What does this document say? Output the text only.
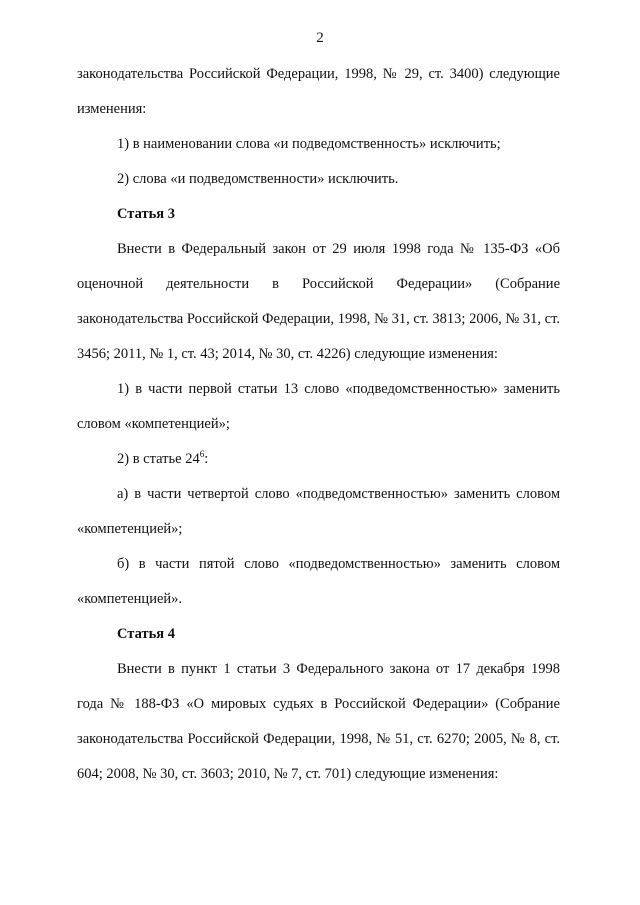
2

законодательства Российской Федерации, 1998, № 29, ст. 3400) следующие

изменения:

1) в наименовании слова «и подведомственность» исключить;

2) слова «и подведомственности» исключить.

Статья 3

Внести в Федеральный закон от 29 июля 1998 года № 135-ФЗ «Об оценочной деятельности в Российской Федерации» (Собрание законодательства Российской Федерации, 1998, № 31, ст. 3813; 2006, № 31, ст. 3456; 2011, № 1, ст. 43; 2014, № 30, ст. 4226) следующие изменения:

1) в части первой статьи 13 слово «подведомственностью» заменить словом «компетенцией»;

2) в статье $24^6$:

а) в части четвертой слово «подведомственностью» заменить словом «компетенцией»;

б) в части пятой слово «подведомственностью» заменить словом «компетенцией».

Статья 4

Внести в пункт 1 статьи 3 Федерального закона от 17 декабря 1998 года № 188-ФЗ «О мировых судьях в Российской Федерации» (Собрание законодательства Российской Федерации, 1998, № 51, ст. 6270; 2005, № 8, ст. 604; 2008, № 30, ст. 3603; 2010, № 7, ст. 701) следующие изменения:
